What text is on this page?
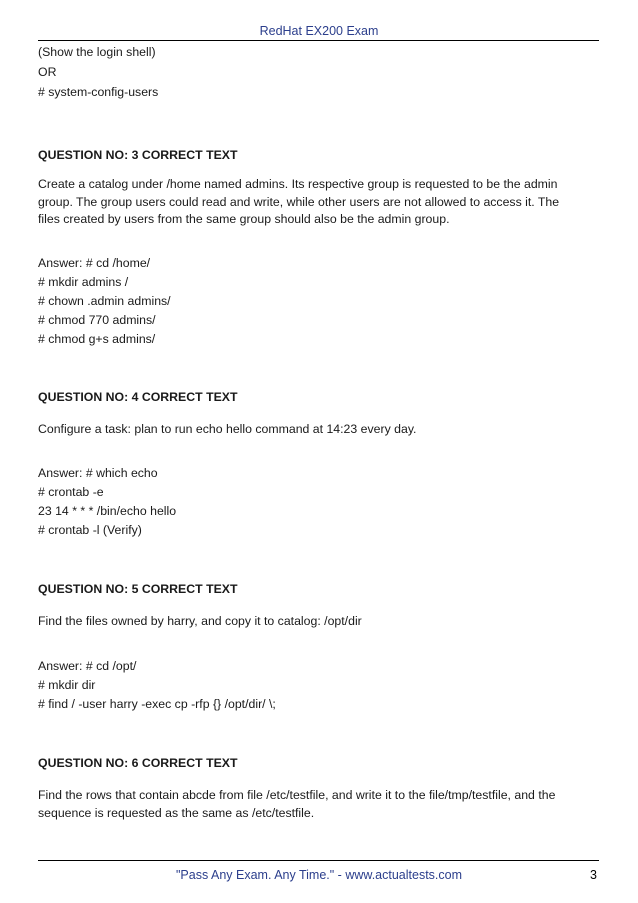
RedHat EX200 Exam
(Show the login shell)
OR
# system-config-users
QUESTION NO: 3 CORRECT TEXT
Create a catalog under /home named admins. Its respective group is requested to be the admin
group. The group users could read and write, while other users are not allowed to access it. The
files created by users from the same group should also be the admin group.
Answer: # cd /home/
# mkdir admins /
# chown .admin admins/
# chmod 770 admins/
# chmod g+s admins/
QUESTION NO: 4 CORRECT TEXT
Configure a task: plan to run echo hello command at 14:23 every day.
Answer: # which echo
# crontab -e
23 14 * * * /bin/echo hello
# crontab -l (Verify)
QUESTION NO: 5 CORRECT TEXT
Find the files owned by harry, and copy it to catalog: /opt/dir
Answer: # cd /opt/
# mkdir dir
# find / -user harry -exec cp -rfp {} /opt/dir/ \;
QUESTION NO: 6 CORRECT TEXT
Find the rows that contain abcde from file /etc/testfile, and write it to the file/tmp/testfile, and the
sequence is requested as the same as /etc/testfile.
"Pass Any Exam. Any Time." - www.actualtests.com	3
